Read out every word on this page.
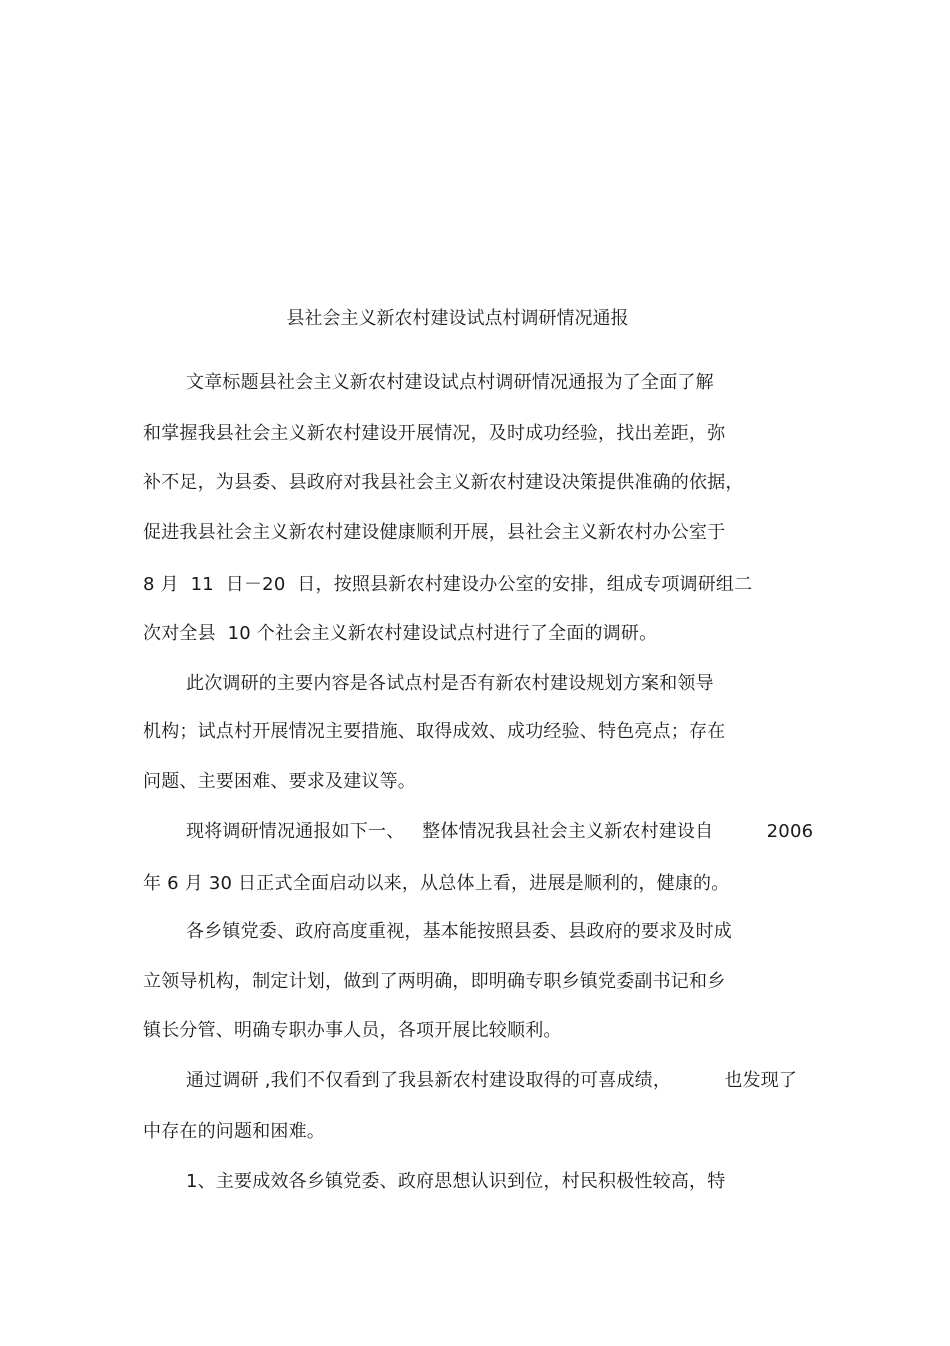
县社会主义新农村建设试点村调研情况通报
文章标题县社会主义新农村建设试点村调研情况通报为了全面了解
和掌握我县社会主义新农村建设开展情况，及时成功经验，找出差距，弥
补不足，为县委、县政府对我县社会主义新农村建设决策提供准确的依据，
促进我县社会主义新农村建设健康顺利开展，县社会主义新农村办公室于
8 月  11  日－20  日，按照县新农村建设办公室的安排，组成专项调研组二
次对全县  10 个社会主义新农村建设试点村进行了全面的调研。
此次调研的主要内容是各试点村是否有新农村建设规划方案和领导
机构；试点村开展情况主要措施、取得成效、成功经验、特色亮点；存在
问题、主要困难、要求及建议等。
现将调研情况通报如下一、   整体情况我县社会主义新农村建设自         2006
年 6 月 30 日正式全面启动以来，从总体上看，进展是顺利的，健康的。
各乡镇党委、政府高度重视，基本能按照县委、县政府的要求及时成
立领导机构，制定计划，做到了两明确，即明确专职乡镇党委副书记和乡
镇长分管、明确专职办事人员，各项开展比较顺利。
通过调研 ,我们不仅看到了我县新农村建设取得的可喜成绩，         也发现了
中存在的问题和困难。
1、主要成效各乡镇党委、政府思想认识到位，村民积极性较高，特
